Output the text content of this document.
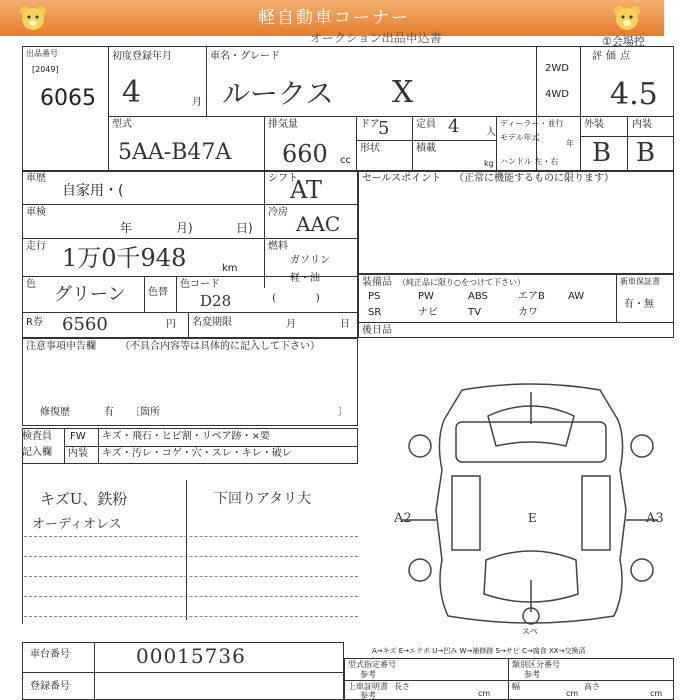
軽自動車コーナー
オークション出品申込書	①会場控
出品番号
[2049]
6065
初度登録年月
4	月
車名・グレード
ルークス X
2WD
4WD
評価点
4.5
型式
5AA-B47A
排気量
660 cc
ドア
5	定員 4	人
形状	積載
kg
ディーラー・並行
モデル年式
年
ハンドル 左・右
外装	内装
B B
車歴
自家用・(
シフト
AT
車検
年	月)	日)
冷房 AAC
走行 1万0千948	km
燃料
ガソリン
軽・油
(　　　　)
色 グリーン 色替
色コード
D28
R券 6560	円 名変期限	月	日
セールスポイント （正常に機能するものに限ります）
装備品 （純正品に限り○をつけて下さい）	新車保証書
有・無
PS	PW	ABS	エアB AW
SR	ナビ	TV	カワ
後日品
注意事項申告欄 （不具合内容等は具体的に記入して下さい）
修復歴	有 〔箇所	〕
検査員
記入欄
FW キズ・飛石・ヒビ割・リペア跡・×要
内装 キズ・汚レ・コゲ・穴・スレ・キレ・破レ
キズU、鉄粉
オーディオレス
下回りアタリ大
A2	A3
E
スペ
A→キズ E→エクボ U→凹み W→補修跡 S→サビ C→腐食 XX→交換済
車台番号	00015736
登録番号
型式指定番号
参考
類別区分番号
参考
上車証明書
参考
長さ
cm
幅
cm
高さ
cm
